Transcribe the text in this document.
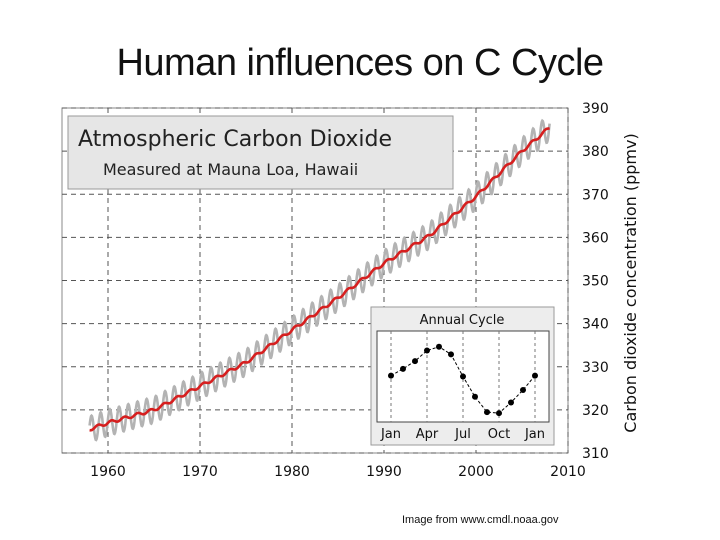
Human influences on C Cycle
Atmospheric Carbon Dioxide
Measured at Mauna Loa, Hawaii
Annual Cycle
Jan Apr Jul Oct Jan
1960	1970	1980	1990	2000	2010
310
320
330
340
350
360
370
380
390
Carbon dioxide concentration (ppmv)
Image from www.cmdl.noaa.gov
